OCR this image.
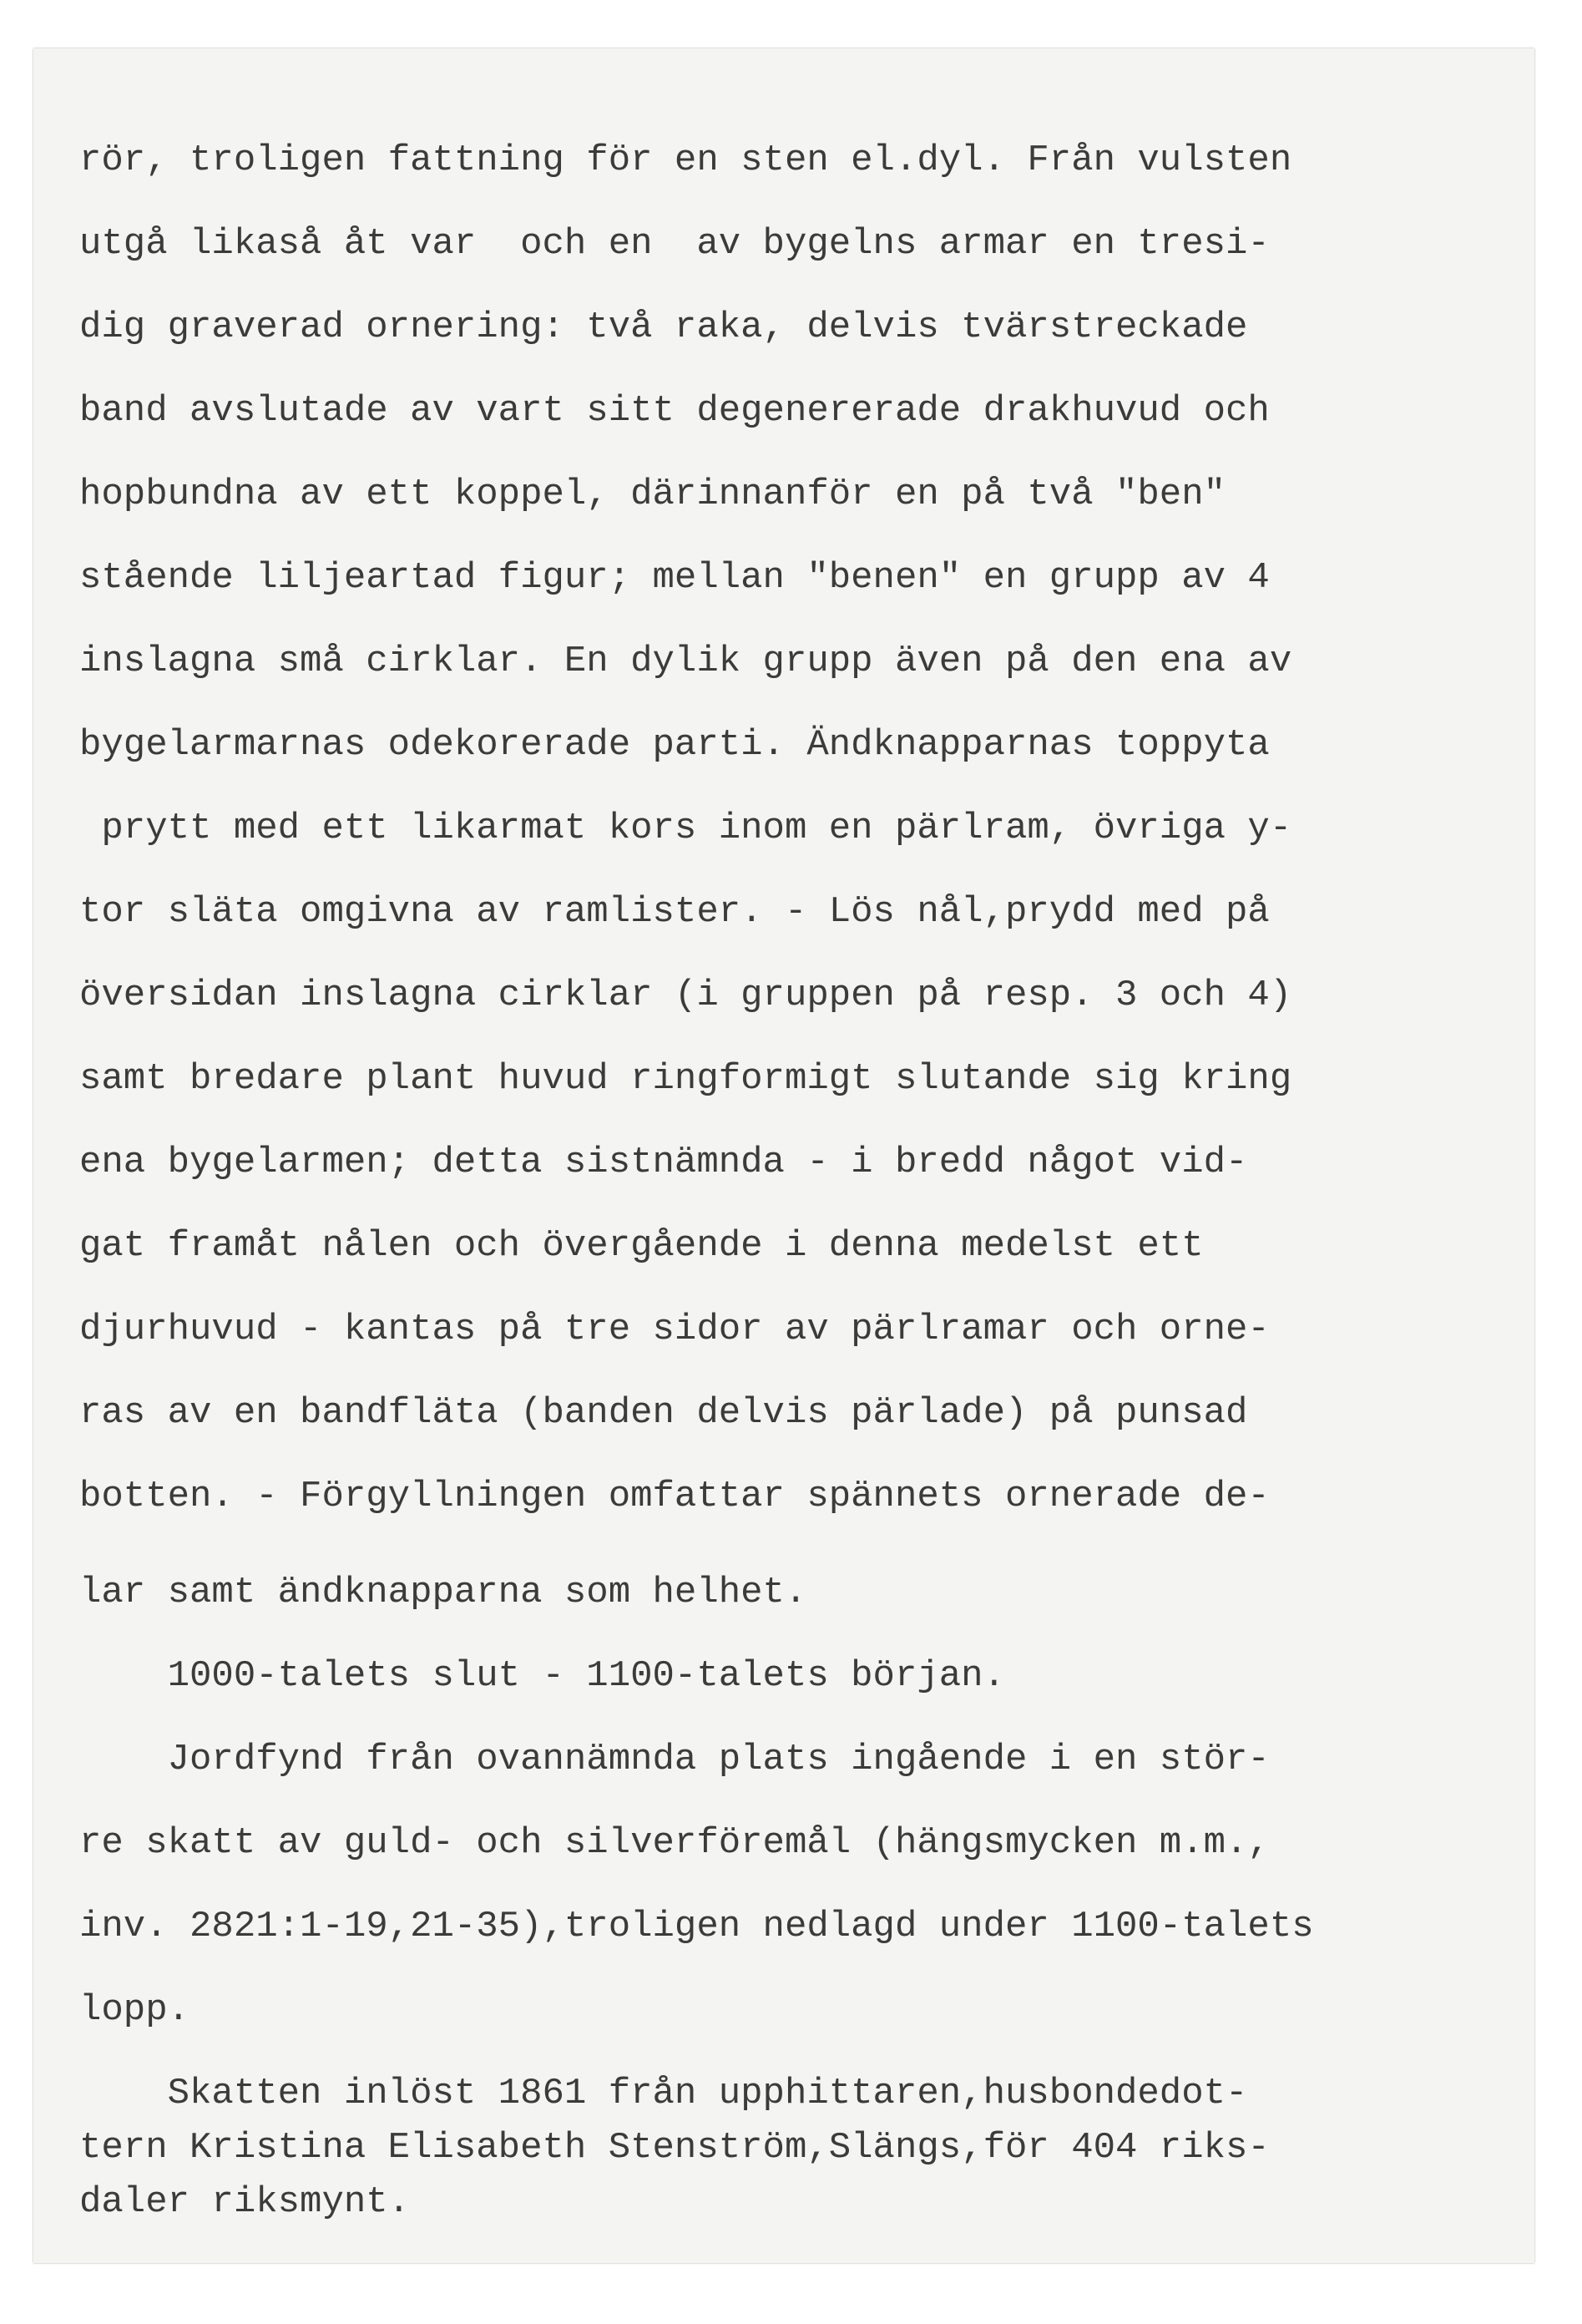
rör, troligen fattning för en sten el.dyl. Från vulsten
utgå likaså åt var  och en  av bygelns armar en tresi-
dig graverad ornering: två raka, delvis tvärstreckade
band avslutade av vart sitt degenererade drakhuvud och
hopbundna av ett koppel, därinnanför en på två "ben"
stående liljeartad figur; mellan "benen" en grupp av 4
inslagna små cirklar. En dylik grupp även på den ena av
bygelarmarnas odekorerade parti. Ändknapparnas toppyta
prytt med ett likarmat kors inom en pärlram, övriga y-
tor släta omgivna av ramlister. - Lös nål,prydd med på
översidan inslagna cirklar (i gruppen på resp. 3 och 4)
samt bredare plant huvud ringformigt slutande sig kring
ena bygelarmen; detta sistnämnda - i bredd något vid-
gat framåt nålen och övergående i denna medelst ett
djurhuvud - kantas på tre sidor av pärlramar och orne-
ras av en bandfläta (banden delvis pärlade) på punsad
botten. - Förgyllningen omfattar spännets ornerade de-
lar samt ändknapparna som helhet.
1000-talets slut - 1100-talets början.
Jordfynd från ovannämnda plats ingående i en stör-
re skatt av guld- och silverföremål (hängsmycken m.m.,
inv. 2821:1-19,21-35),troligen nedlagd under 1100-talets
lopp.
Skatten inlöst 1861 från upphittaren,husbondedot-
tern Kristina Elisabeth Stenström,Slängs,för 404 riks-
daler riksmynt.
